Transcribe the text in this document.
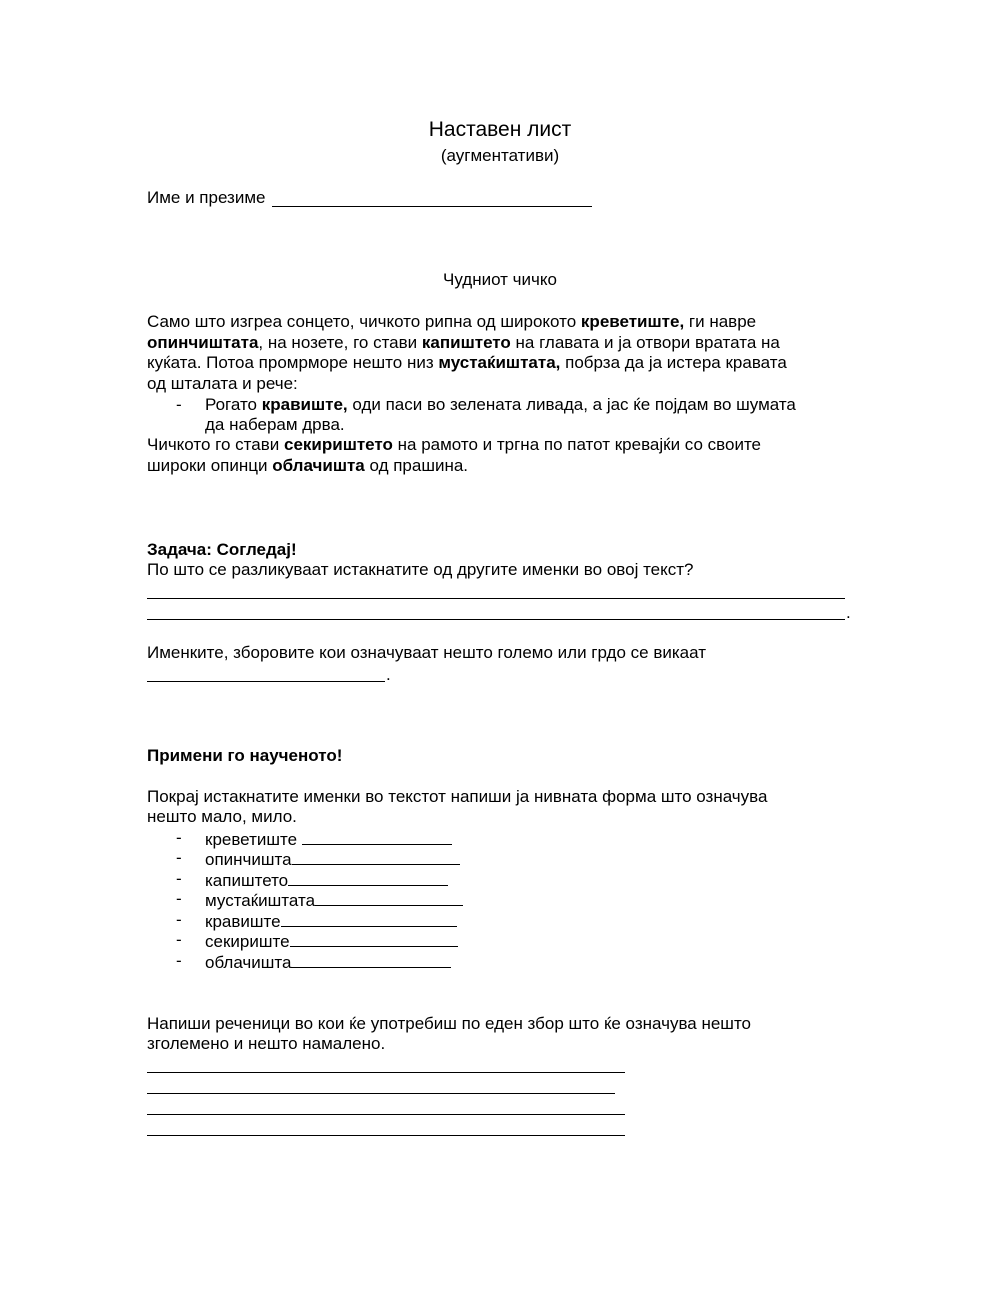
Наставен лист
(аугментативи)
Име и презиме
Чудниот чичко
Само што изгреа сонцето, чичкото рипна од широкото креветиште, ги навре
опинчиштата, на нозете, го стави капиштето на главата и ја отвори вратата на
куќата. Потоа промрморе нешто низ мустаќиштата, побрза да ја истера кравата
од шталата и рече:
- Рогато кравиште, оди паси во зелената ливада, а јас ќе појдам во шумата
да наберам дрва.
Чичкото го стави секириштето на рамото и тргна по патот кревајќи со своите
широки опинци облачишта од прашина.
Задача: Согледај!
По што се разликуваат истакнатите од другите именки во овој текст?
.
Именките, зборовите кои означуваат нешто големо или грдо се викаат
.
Примени го наученото!
Покрај истакнатите именки во текстот напиши ја нивната форма што означува
нешто мало, мило.
- креветиште
- опинчишта
- капиштето
- мустаќиштата
- кравиште
- секириште
- облачишта
Напиши реченици во кои ќе употребиш по еден збор што ќе означува нешто
зголемено и нешто намалено.
